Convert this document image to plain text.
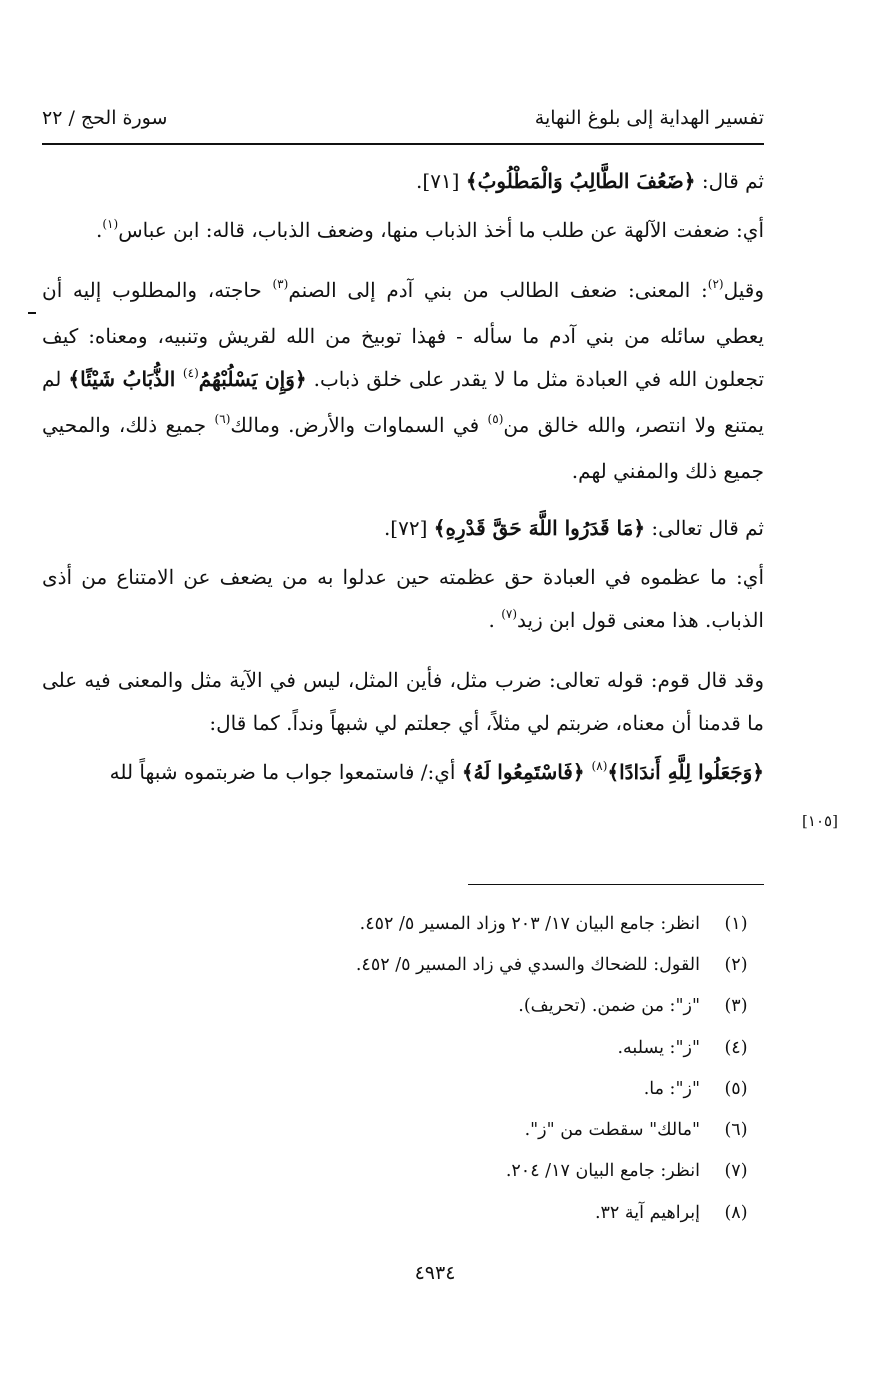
تفسير الهداية إلى بلوغ النهاية
سورة الحج / ٢٢

ثم قال: ﴿ضَعُفَ الطَّالِبُ وَالْمَطْلُوبُ﴾ [٧١].

أي: ضعفت الآلهة عن طلب ما أخذ الذباب منها، وضعف الذباب، قاله: ابن عباس$^{(١)}$.

وقيل$^{(٢)}$: المعنى: ضعف الطالب من بني آدم إلى الصنم$^{(٣)}$ حاجته، والمطلوب إليه أن يعطي سائله من بني آدم ما سأله - فهذا توبيخ من الله لقريش وتنبيه، ومعناه: كيف تجعلون الله في العبادة مثل ما لا يقدر على خلق ذباب. ﴿وَإِن يَسْلُبْهُمُ$^{(٤)}$ الذُّبَابُ شَيْئًا﴾ لم يمتنع ولا انتصر، والله خالق من$^{(٥)}$ في السماوات والأرض. ومالك$^{(٦)}$ جميع ذلك، والمحيي جميع ذلك والمفني لهم.

ثم قال تعالى: ﴿مَا قَدَرُوا اللَّهَ حَقَّ قَدْرِهِ﴾ [٧٢].

أي: ما عظموه في العبادة حق عظمته حين عدلوا به من يضعف عن الامتناع من أذى الذباب. هذا معنى قول ابن زيد$^{(٧)}$ .

وقد قال قوم: قوله تعالى: ضرب مثل، فأين المثل، ليس في الآية مثل والمعنى فيه على ما قدمنا أن معناه، ضربتم لي مثلاً، أي جعلتم لي شبهاً ونداً. كما قال:

﴿وَجَعَلُوا لِلَّهِ أَندَادًا﴾$^{(٨)}$ ﴿فَاسْتَمِعُوا لَهُ﴾ أي:/ فاستمعوا جواب ما ضربتموه شبهاً لله

[١٠٥]
(١)
انظر: جامع البيان ١٧/ ٢٠٣ وزاد المسير ٥/ ٤٥٢.
(٢)
القول: للضحاك والسدي في زاد المسير ٥/ ٤٥٢.
(٣)
"ز": من ضمن. (تحريف).
(٤)
"ز": يسلبه.
(٥)
"ز": ما.
(٦)
"مالك" سقطت من "ز".
(٧)
انظر: جامع البيان ١٧/ ٢٠٤.
(٨)
إبراهيم آية ٣٢.
٤٩٣٤
